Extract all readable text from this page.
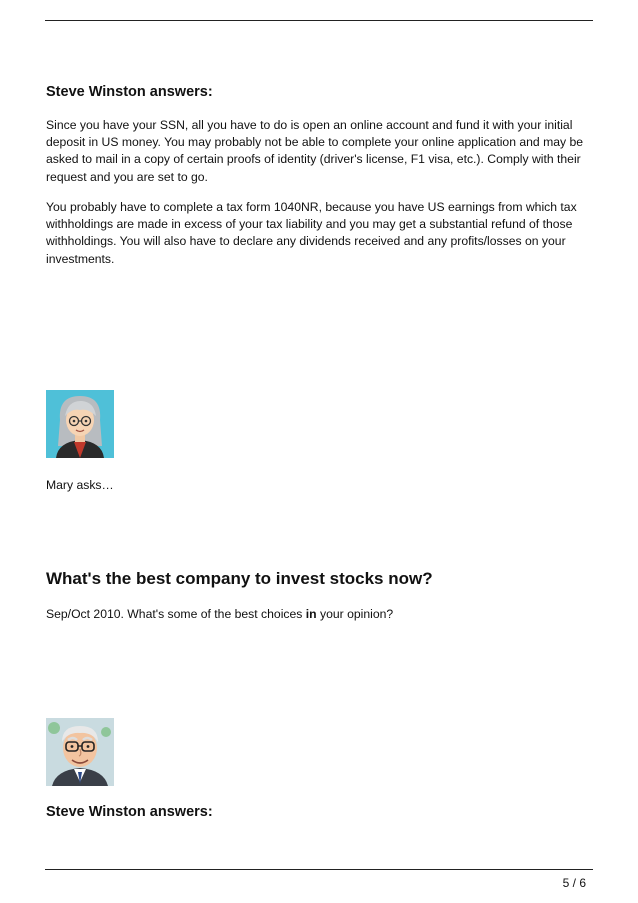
Steve Winston answers:

Since you have your SSN, all you have to do is open an online account and fund it with your initial deposit in US money. You may probably not be able to complete your online application and may be asked to mail in a copy of certain proofs of identity (driver's license, F1 visa, etc.). Comply with their request and you are set to go.

You probably have to complete a tax form 1040NR, because you have US earnings from which tax withholdings are made in excess of your tax liability and you may get a substantial refund of those withholdings. You will also have to declare any dividends received and any profits/losses on your investments.

Mary asks…

What's the best company to invest stocks now?

Sep/Oct 2010. What's some of the best choices in your opinion?

Steve Winston answers:
5 / 6
